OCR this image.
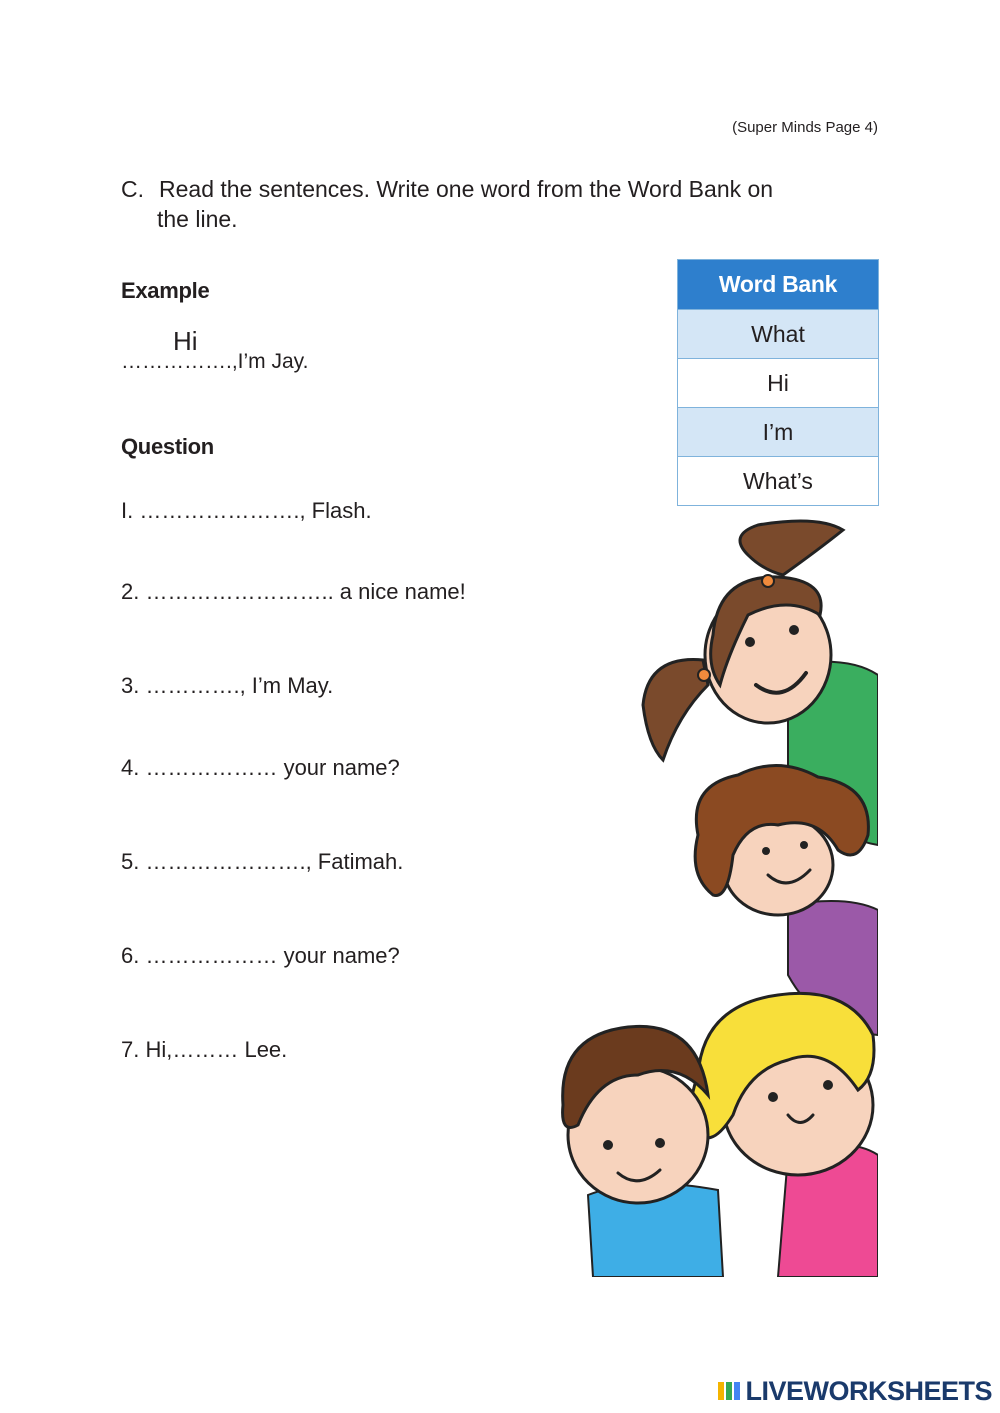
(Super Minds Page 4)
C. Read the sentences. Write one word from the Word Bank on
the line.
Example
Hi
…………….,I’m Jay.
Question
I. …………………., Flash.
2. …………………….. a nice name!
3. …………., I’m May.
4. ……………… your name?
5. …………………., Fatimah.
6. ……………… your name?
7. Hi,……… Lee.
Word Bank
What
Hi
I’m
What’s
LIVEWORKSHEETS
